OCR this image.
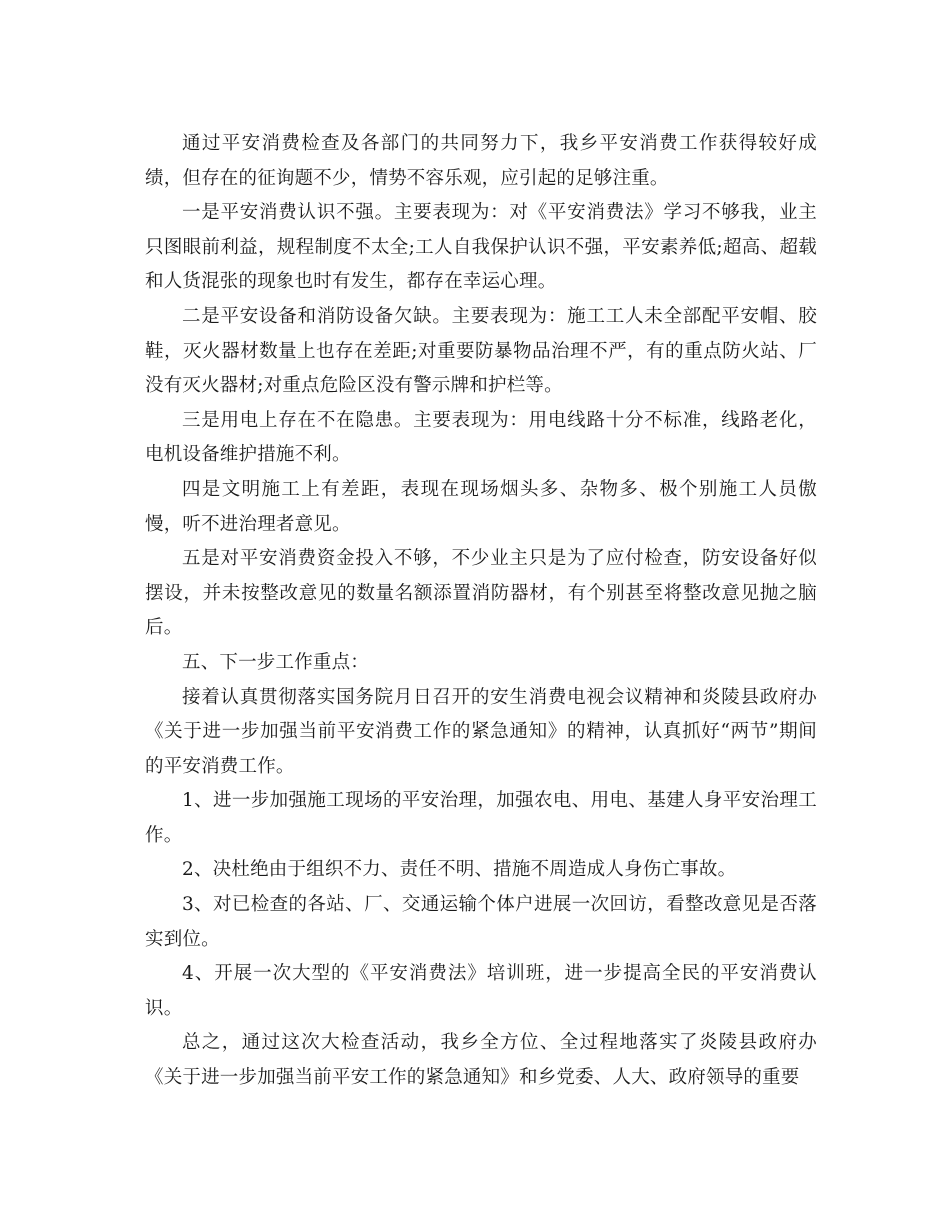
通过平安消费检查及各部门的共同努力下，我乡平安消费工作获得较好成绩，但存在的征询题不少，情势不容乐观，应引起的足够注重。

一是平安消费认识不强。主要表现为：对《平安消费法》学习不够我，业主只图眼前利益，规程制度不太全;工人自我保护认识不强，平安素养低;超高、超载和人货混张的现象也时有发生，都存在幸运心理。

二是平安设备和消防设备欠缺。主要表现为：施工工人未全部配平安帽、胶鞋，灭火器材数量上也存在差距;对重要防暴物品治理不严，有的重点防火站、厂没有灭火器材;对重点危险区没有警示牌和护栏等。

三是用电上存在不在隐患。主要表现为：用电线路十分不标准，线路老化，电机设备维护措施不利。

四是文明施工上有差距，表现在现场烟头多、杂物多、极个别施工人员傲慢，听不进治理者意见。

五是对平安消费资金投入不够，不少业主只是为了应付检查，防安设备好似摆设，并未按整改意见的数量名额添置消防器材，有个别甚至将整改意见抛之脑后。

五、下一步工作重点：

接着认真贯彻落实国务院月日召开的安生消费电视会议精神和炎陵县政府办《关于进一步加强当前平安消费工作的紧急通知》的精神，认真抓好“两节”期间的平安消费工作。

1、进一步加强施工现场的平安治理，加强农电、用电、基建人身平安治理工作。

2、决杜绝由于组织不力、责任不明、措施不周造成人身伤亡事故。

3、对已检查的各站、厂、交通运输个体户进展一次回访，看整改意见是否落实到位。

4、开展一次大型的《平安消费法》培训班，进一步提高全民的平安消费认识。

总之，通过这次大检查活动，我乡全方位、全过程地落实了炎陵县政府办《关于进一步加强当前平安工作的紧急通知》和乡党委、人大、政府领导的重要
